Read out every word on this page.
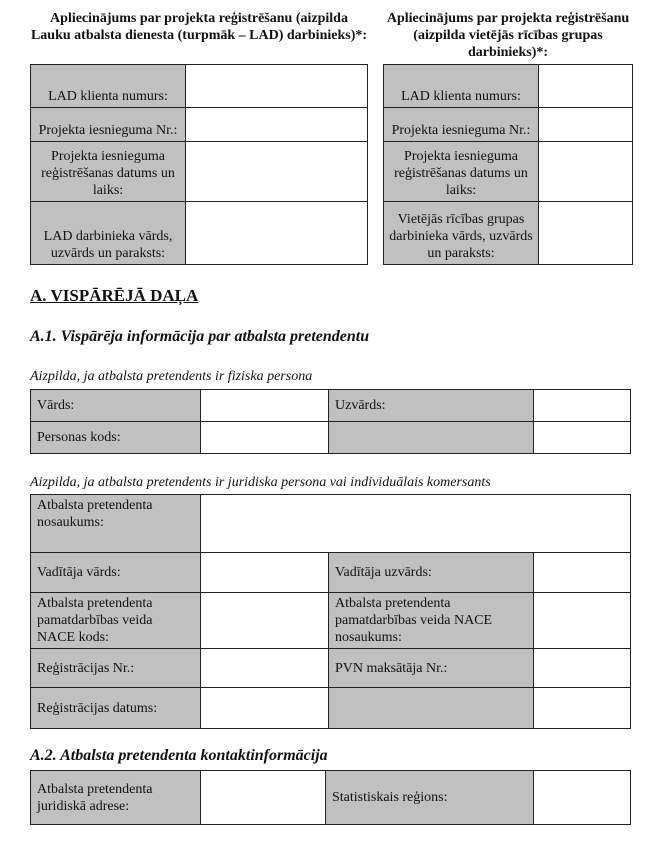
Apliecinājums par projekta reģistrēšanu (aizpilda Lauku atbalsta dienesta (turpmāk – LAD) darbinieks)*:
Apliecinājums par projekta reģistrēšanu (aizpilda vietējās rīcības grupas darbinieks)*:
LAD klienta numurs:	
Projekta iesnieguma Nr.:	
Projekta iesnieguma reģistrēšanas datums un laiks:	
LAD darbinieka vārds, uzvārds un paraksts:	
LAD klienta numurs:	
Projekta iesnieguma Nr.:	
Projekta iesnieguma reģistrēšanas datums un laiks:	
Vietējās rīcības grupas darbinieka vārds, uzvārds un paraksts:	
A. VISPĀRĒJĀ DAĻA
A.1. Vispārēja informācija par atbalsta pretendentu
Aizpilda, ja atbalsta pretendents ir fiziska persona
Vārds:		Uzvārds:	
Personas kods:			
Aizpilda, ja atbalsta pretendents ir juridiska persona vai individuālais komersants
Atbalsta pretendenta nosaukums:			
Vadītāja vārds:		Vadītāja uzvārds:	
Atbalsta pretendenta pamatdarbības veida NACE kods:		Atbalsta pretendenta pamatdarbības veida NACE nosaukums:	
Reģistrācijas Nr.:		PVN maksātāja Nr.:	
Reģistrācijas datums:			
A.2. Atbalsta pretendenta kontaktinformācija
Atbalsta pretendenta juridiskā adrese:		Statistiskais reģions:	
